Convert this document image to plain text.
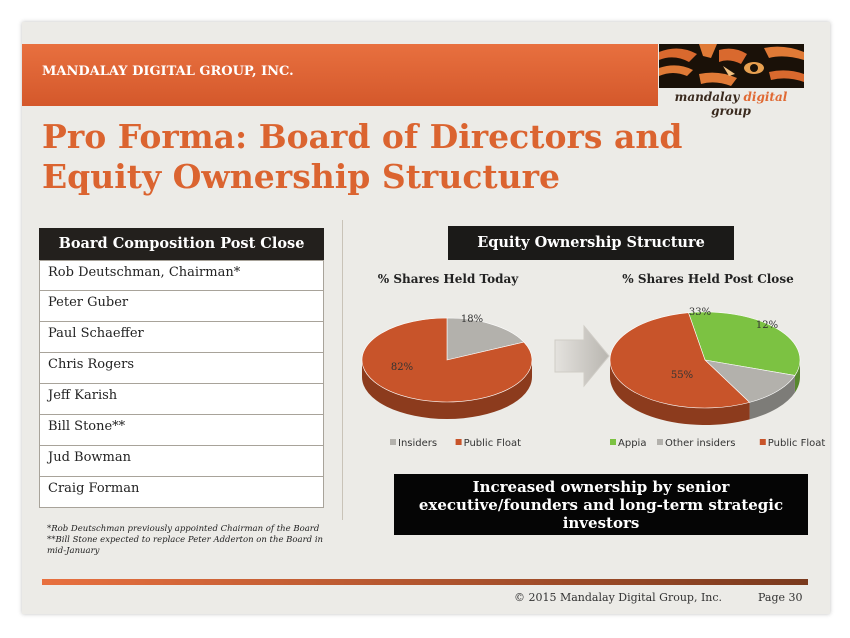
MANDALAY DIGITAL GROUP, INC.
mandalay digital group
Pro Forma: Board of Directors and Equity Ownership Structure
Board Composition Post Close
Rob Deutschman, Chairman*
Peter Guber
Paul Schaeffer
Chris Rogers
Jeff Karish
Bill Stone**
Jud Bowman
Craig Forman
*Rob Deutschman previously appointed Chairman of the Board
**Bill Stone expected to replace Peter Adderton on the Board in mid-January
Equity Ownership Structure
% Shares Held Today
18%
82%
Insiders	Public Float
% Shares Held Post Close
33%
12%
55%
Appia Other insiders	Public Float
Increased ownership by senior executive/founders and long-term strategic investors
© 2015 Mandalay Digital Group, Inc.	Page 30
